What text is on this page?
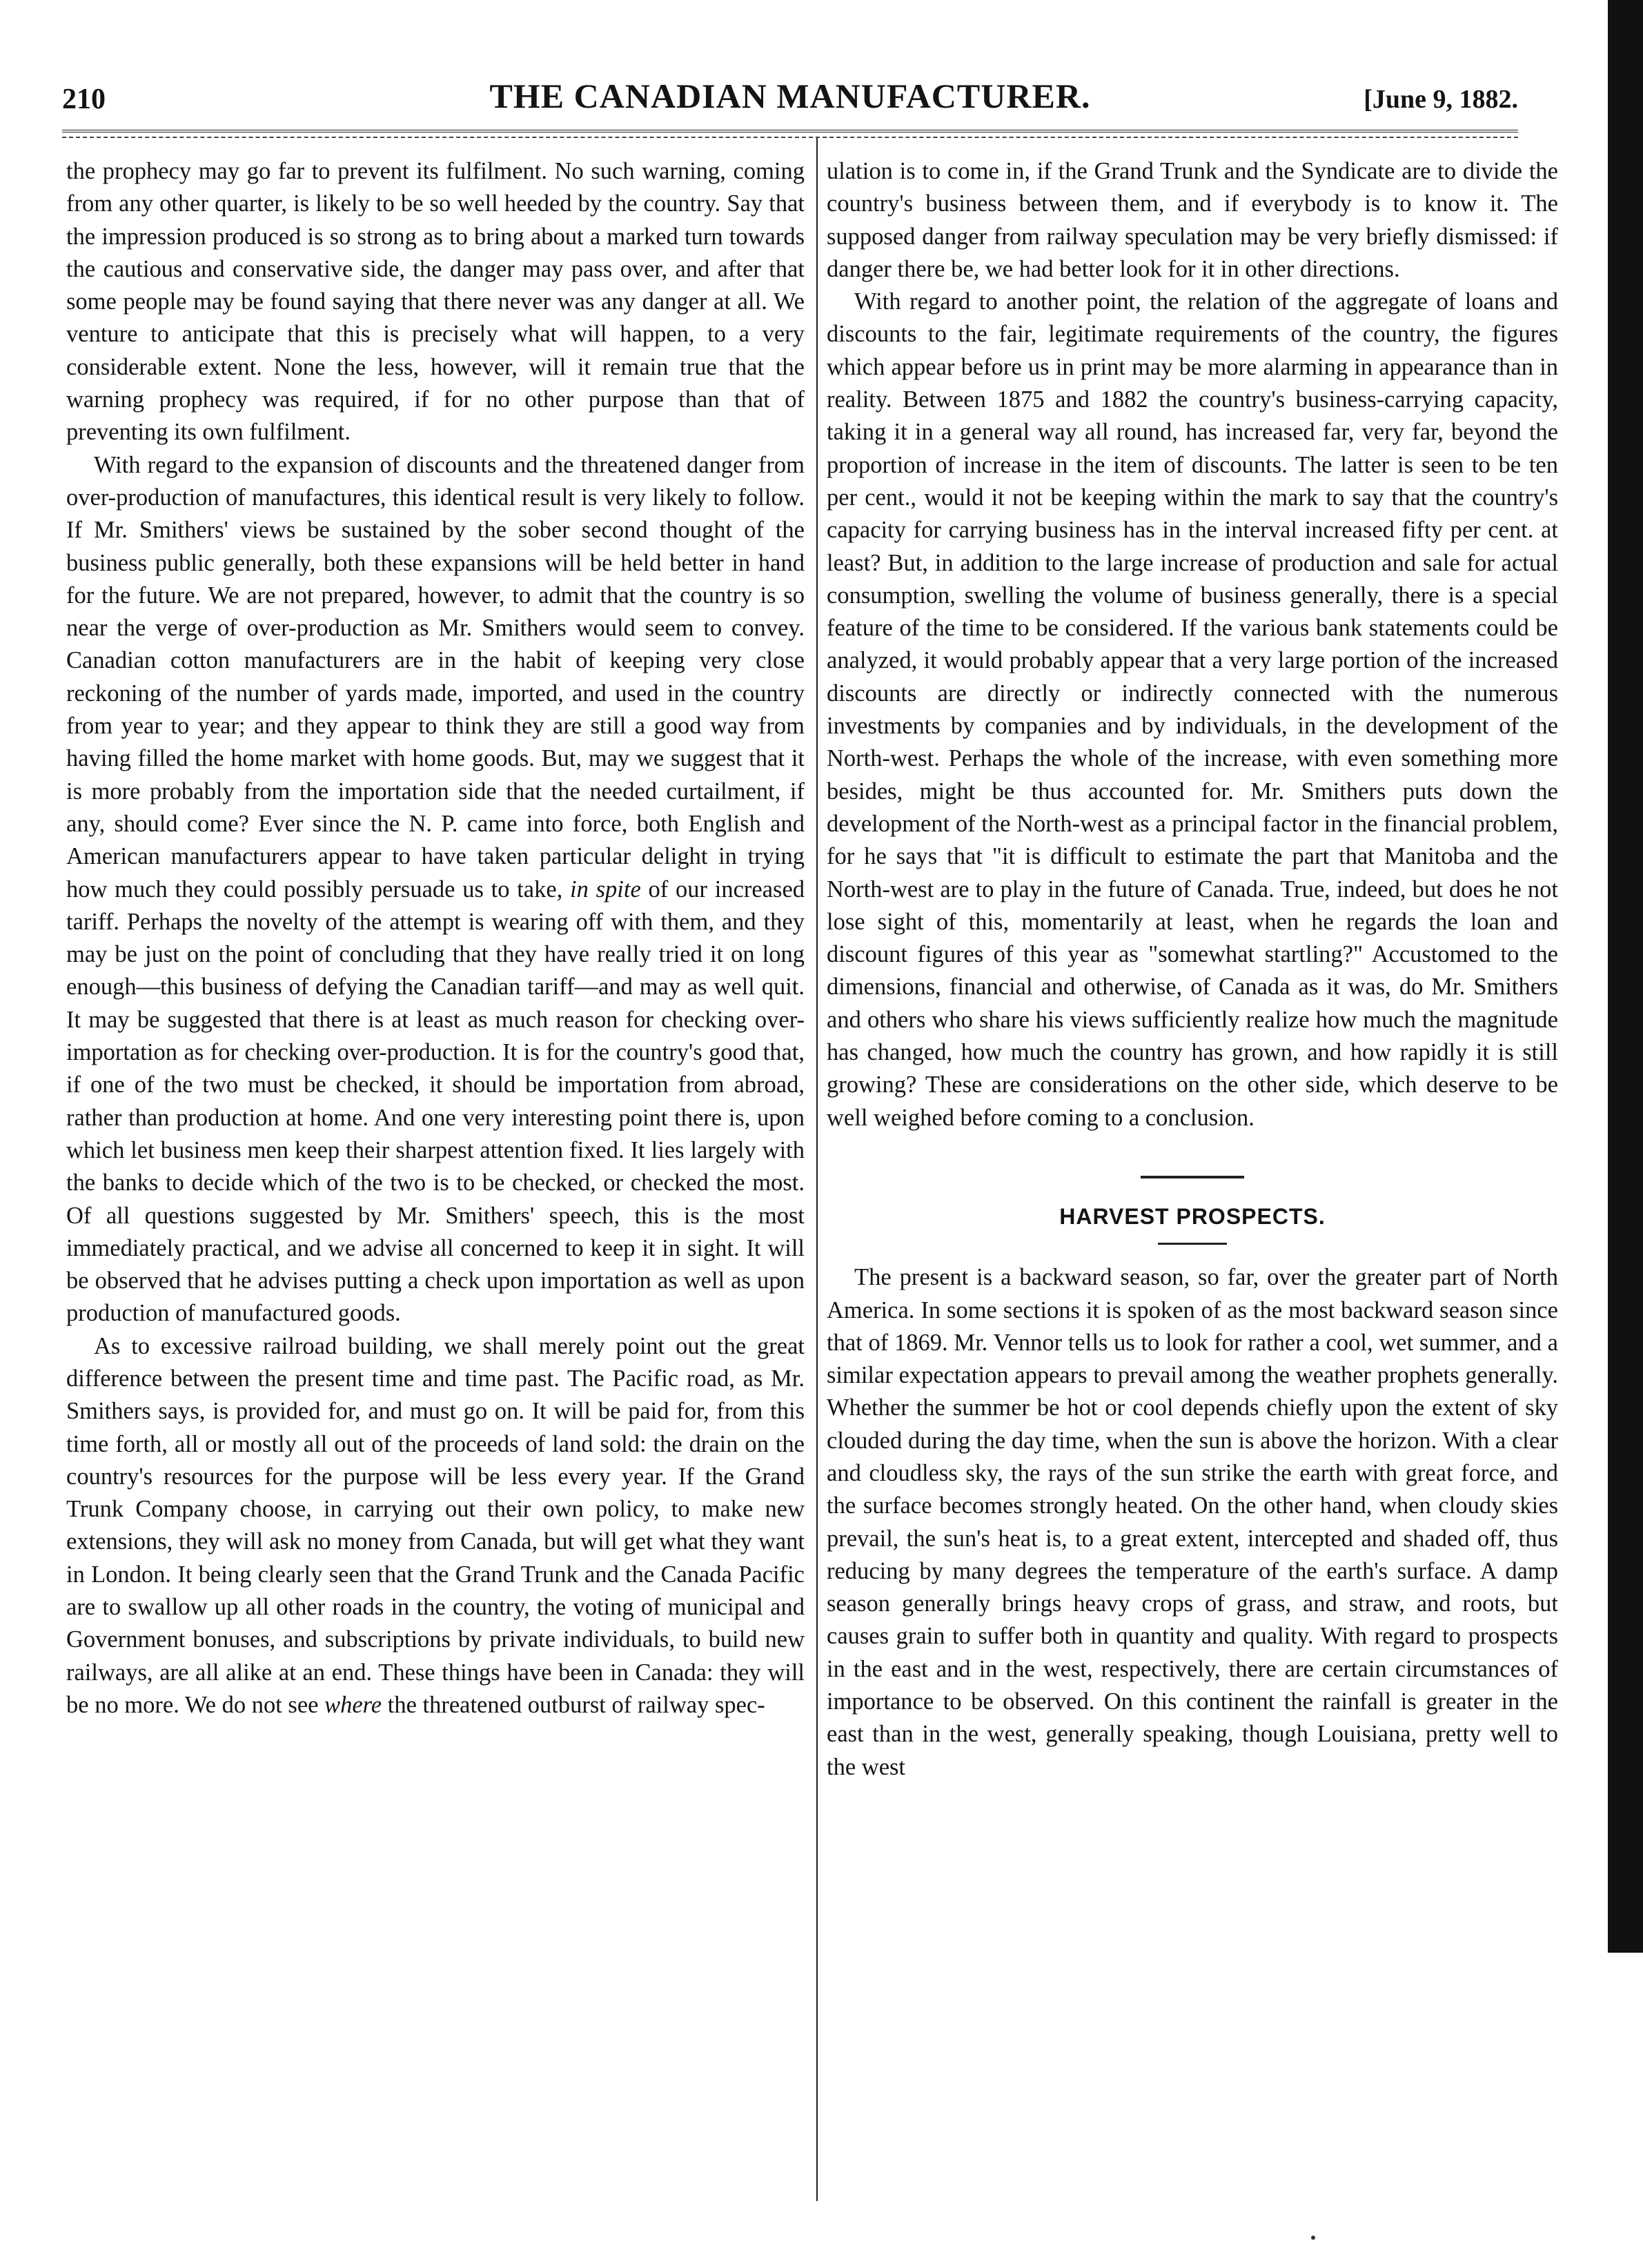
210	THE CANADIAN MANUFACTURER.	[June 9, 1882.

the prophecy may go far to prevent its fulfilment. No such warning, coming from any other quarter, is likely to be so well heeded by the country. Say that the impression produced is so strong as to bring about a marked turn towards the cautious and conservative side, the danger may pass over, and after that some people may be found saying that there never was any danger at all. We venture to anticipate that this is precisely what will happen, to a very considerable extent. None the less, however, will it remain true that the warning prophecy was required, if for no other purpose than that of preventing its own fulfilment.

With regard to the expansion of discounts and the threatened danger from over-production of manufactures, this identical result is very likely to follow. If Mr. Smithers' views be sustained by the sober second thought of the business public generally, both these expansions will be held better in hand for the future. We are not prepared, however, to admit that the country is so near the verge of over-production as Mr. Smithers would seem to convey. Canadian cotton manufacturers are in the habit of keeping very close reckoning of the number of yards made, imported, and used in the country from year to year; and they appear to think they are still a good way from having filled the home market with home goods. But, may we suggest that it is more probably from the importation side that the needed curtailment, if any, should come? Ever since the N. P. came into force, both English and American manufacturers appear to have taken particular delight in trying how much they could possibly persuade us to take, in spite of our increased tariff. Perhaps the novelty of the attempt is wearing off with them, and they may be just on the point of concluding that they have really tried it on long enough—this business of defying the Canadian tariff—and may as well quit. It may be suggested that there is at least as much reason for checking over-importation as for checking over-production. It is for the country's good that, if one of the two must be checked, it should be importation from abroad, rather than production at home. And one very interesting point there is, upon which let business men keep their sharpest attention fixed. It lies largely with the banks to decide which of the two is to be checked, or checked the most. Of all questions suggested by Mr. Smithers' speech, this is the most immediately practical, and we advise all concerned to keep it in sight. It will be observed that he advises putting a check upon importation as well as upon production of manufactured goods.

As to excessive railroad building, we shall merely point out the great difference between the present time and time past. The Pacific road, as Mr. Smithers says, is provided for, and must go on. It will be paid for, from this time forth, all or mostly all out of the proceeds of land sold: the drain on the country's resources for the purpose will be less every year. If the Grand Trunk Company choose, in carrying out their own policy, to make new extensions, they will ask no money from Canada, but will get what they want in London. It being clearly seen that the Grand Trunk and the Canada Pacific are to swallow up all other roads in the country, the voting of municipal and Government bonuses, and subscriptions by private individuals, to build new railways, are all alike at an end. These things have been in Canada: they will be no more. We do not see where the threatened outburst of railway spec-

ulation is to come in, if the Grand Trunk and the Syndicate are to divide the country's business between them, and if everybody is to know it. The supposed danger from railway speculation may be very briefly dismissed: if danger there be, we had better look for it in other directions.

With regard to another point, the relation of the aggregate of loans and discounts to the fair, legitimate requirements of the country, the figures which appear before us in print may be more alarming in appearance than in reality. Between 1875 and 1882 the country's business-carrying capacity, taking it in a general way all round, has increased far, very far, beyond the proportion of increase in the item of discounts. The latter is seen to be ten per cent., would it not be keeping within the mark to say that the country's capacity for carrying business has in the interval increased fifty per cent. at least? But, in addition to the large increase of production and sale for actual consumption, swelling the volume of business generally, there is a special feature of the time to be considered. If the various bank statements could be analyzed, it would probably appear that a very large portion of the increased discounts are directly or indirectly connected with the numerous investments by companies and by individuals, in the development of the North-west. Perhaps the whole of the increase, with even something more besides, might be thus accounted for. Mr. Smithers puts down the development of the North-west as a principal factor in the financial problem, for he says that "it is difficult to estimate the part that Manitoba and the North-west are to play in the future of Canada. True, indeed, but does he not lose sight of this, momentarily at least, when he regards the loan and discount figures of this year as "somewhat startling?" Accustomed to the dimensions, financial and otherwise, of Canada as it was, do Mr. Smithers and others who share his views sufficiently realize how much the magnitude has changed, how much the country has grown, and how rapidly it is still growing? These are considerations on the other side, which deserve to be well weighed before coming to a conclusion.

HARVEST PROSPECTS.

The present is a backward season, so far, over the greater part of North America. In some sections it is spoken of as the most backward season since that of 1869. Mr. Vennor tells us to look for rather a cool, wet summer, and a similar expectation appears to prevail among the weather prophets generally. Whether the summer be hot or cool depends chiefly upon the extent of sky clouded during the day time, when the sun is above the horizon. With a clear and cloudless sky, the rays of the sun strike the earth with great force, and the surface becomes strongly heated. On the other hand, when cloudy skies prevail, the sun's heat is, to a great extent, intercepted and shaded off, thus reducing by many degrees the temperature of the earth's surface. A damp season generally brings heavy crops of grass, and straw, and roots, but causes grain to suffer both in quantity and quality. With regard to prospects in the east and in the west, respectively, there are certain circumstances of importance to be observed. On this continent the rainfall is greater in the east than in the west, generally speaking, though Louisiana, pretty well to the west
